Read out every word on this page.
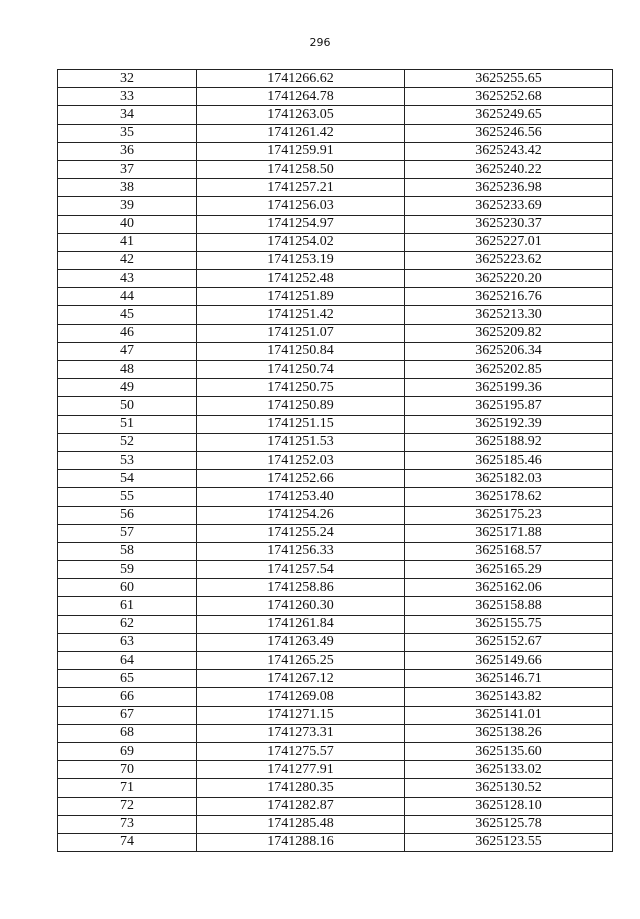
296
32	1741266.62	3625255.65
33	1741264.78	3625252.68
34	1741263.05	3625249.65
35	1741261.42	3625246.56
36	1741259.91	3625243.42
37	1741258.50	3625240.22
38	1741257.21	3625236.98
39	1741256.03	3625233.69
40	1741254.97	3625230.37
41	1741254.02	3625227.01
42	1741253.19	3625223.62
43	1741252.48	3625220.20
44	1741251.89	3625216.76
45	1741251.42	3625213.30
46	1741251.07	3625209.82
47	1741250.84	3625206.34
48	1741250.74	3625202.85
49	1741250.75	3625199.36
50	1741250.89	3625195.87
51	1741251.15	3625192.39
52	1741251.53	3625188.92
53	1741252.03	3625185.46
54	1741252.66	3625182.03
55	1741253.40	3625178.62
56	1741254.26	3625175.23
57	1741255.24	3625171.88
58	1741256.33	3625168.57
59	1741257.54	3625165.29
60	1741258.86	3625162.06
61	1741260.30	3625158.88
62	1741261.84	3625155.75
63	1741263.49	3625152.67
64	1741265.25	3625149.66
65	1741267.12	3625146.71
66	1741269.08	3625143.82
67	1741271.15	3625141.01
68	1741273.31	3625138.26
69	1741275.57	3625135.60
70	1741277.91	3625133.02
71	1741280.35	3625130.52
72	1741282.87	3625128.10
73	1741285.48	3625125.78
74	1741288.16	3625123.55
